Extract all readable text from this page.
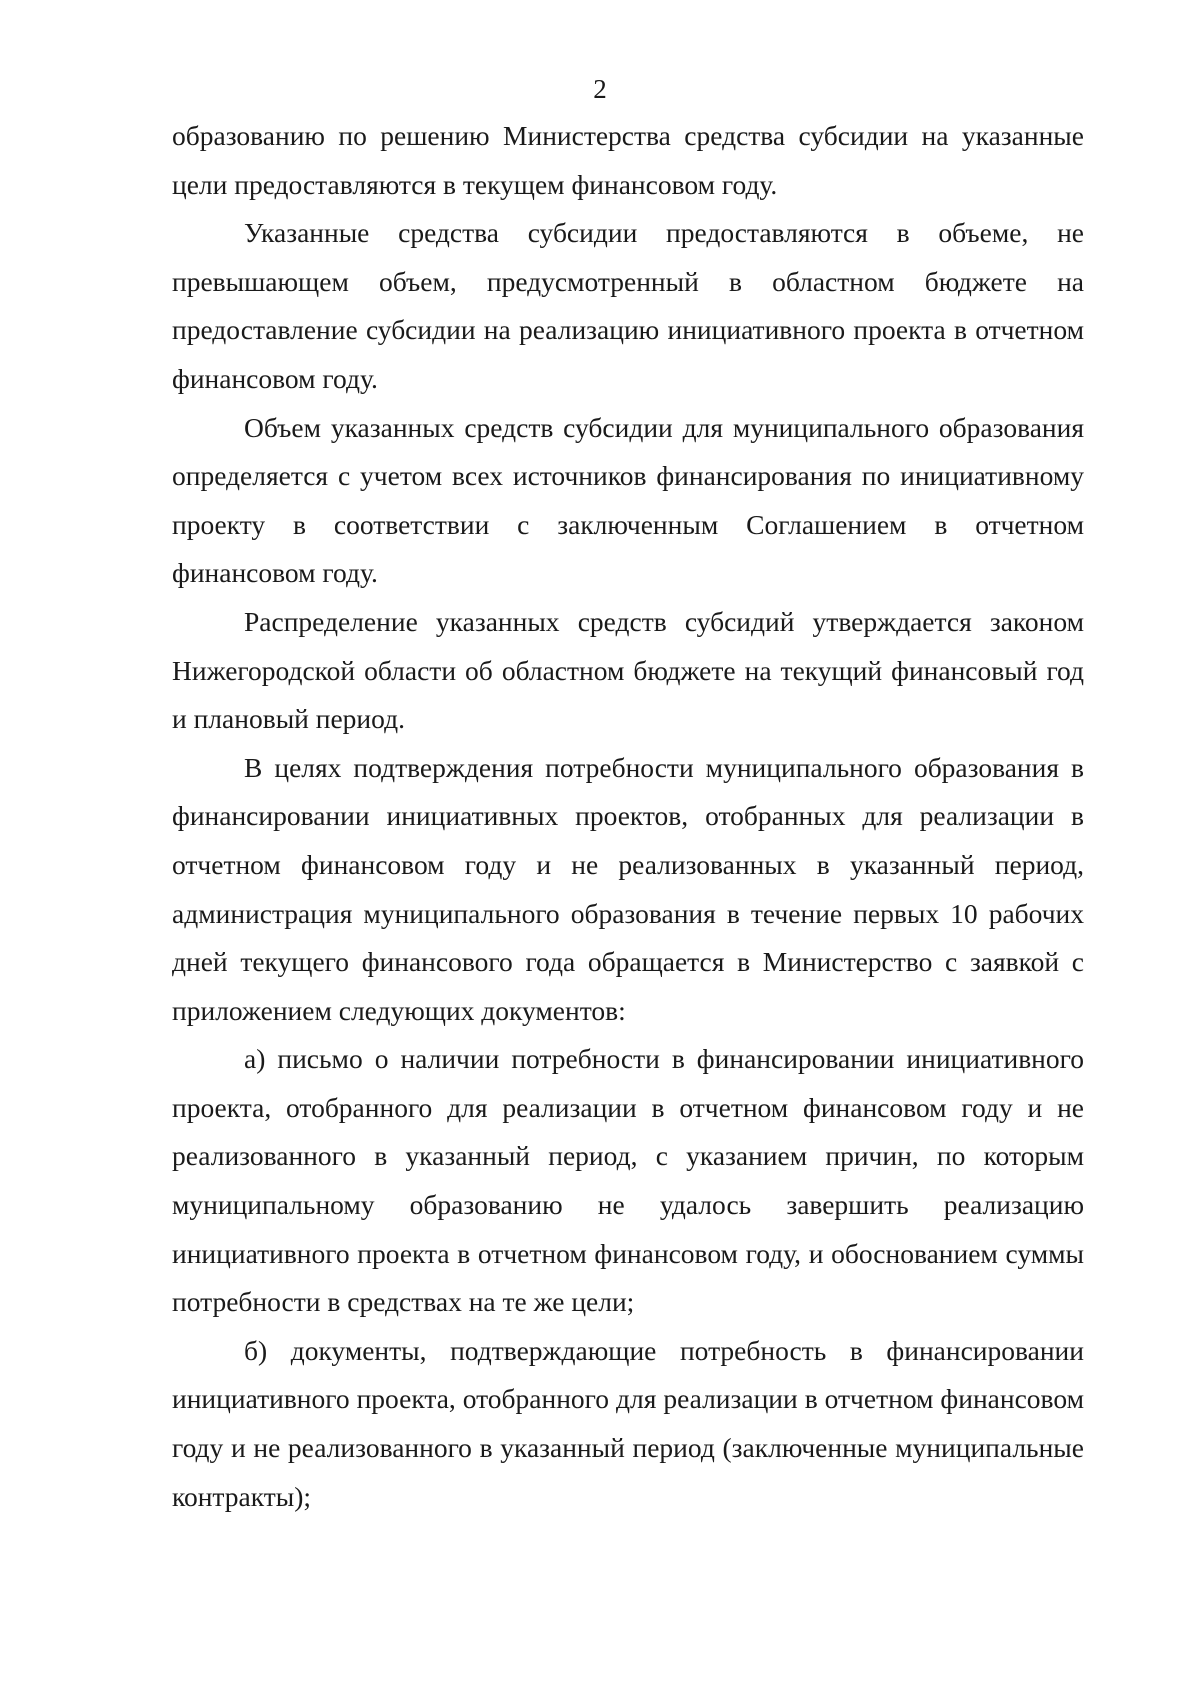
2

образованию по решению Министерства средства субсидии на указанные цели предоставляются в текущем финансовом году.

Указанные средства субсидии предоставляются в объеме, не превышающем объем, предусмотренный в областном бюджете на предоставление субсидии на реализацию инициативного проекта в отчетном финансовом году.

Объем указанных средств субсидии для муниципального образования определяется с учетом всех источников финансирования по инициативному проекту в соответствии с заключенным Соглашением в отчетном финансовом году.

Распределение указанных средств субсидий утверждается законом Нижегородской области об областном бюджете на текущий финансовый год и плановый период.

В целях подтверждения потребности муниципального образования в финансировании инициативных проектов, отобранных для реализации в отчетном финансовом году и не реализованных в указанный период, администрация муниципального образования в течение первых 10 рабочих дней текущего финансового года обращается в Министерство с заявкой с приложением следующих документов:

а) письмо о наличии потребности в финансировании инициативного проекта, отобранного для реализации в отчетном финансовом году и не реализованного в указанный период, с указанием причин, по которым муниципальному образованию не удалось завершить реализацию инициативного проекта в отчетном финансовом году, и обоснованием суммы потребности в средствах на те же цели;

б) документы, подтверждающие потребность в финансировании инициативного проекта, отобранного для реализации в отчетном финансовом году и не реализованного в указанный период (заключенные муниципальные контракты);
